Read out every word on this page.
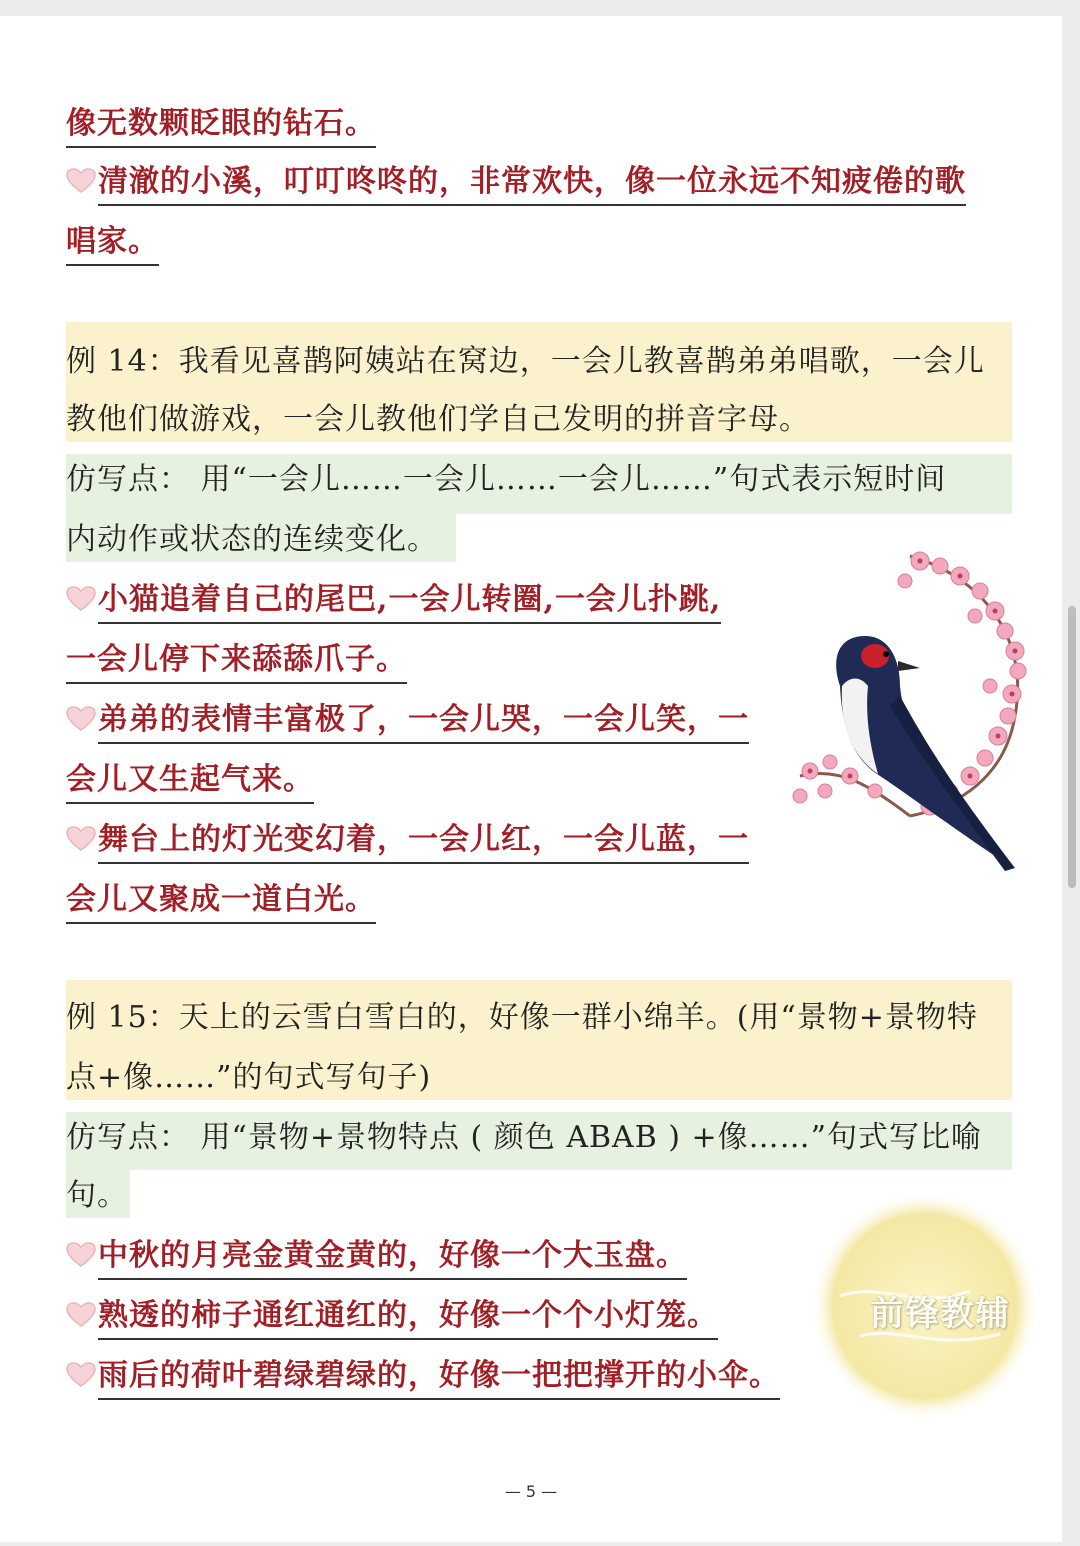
像无数颗眨眼的钻石。
清澈的小溪，叮叮咚咚的，非常欢快，像一位永远不知疲倦的歌
唱家。
例 14：我看见喜鹊阿姨站在窝边，一会儿教喜鹊弟弟唱歌，一会儿
教他们做游戏，一会儿教他们学自己发明的拼音字母。
仿写点： 用“一会儿……一会儿……一会儿……”句式表示短时间
内动作或状态的连续变化。
小猫追着自己的尾巴,一会儿转圈,一会儿扑跳,
一会儿停下来舔舔爪子。
弟弟的表情丰富极了，一会儿哭，一会儿笑，一
会儿又生起气来。
舞台上的灯光变幻着，一会儿红，一会儿蓝，一
会儿又聚成一道白光。
例 15：天上的云雪白雪白的，好像一群小绵羊。(用“景物+景物特
点+像……”的句式写句子)
仿写点： 用“景物+景物特点 ( 颜色 ABAB ) +像……”句式写比喻
句。
中秋的月亮金黄金黄的，好像一个大玉盘。
熟透的柿子通红通红的，好像一个个小灯笼。
雨后的荷叶碧绿碧绿的，好像一把把撑开的小伞。
前锋教辅
— 5 —
